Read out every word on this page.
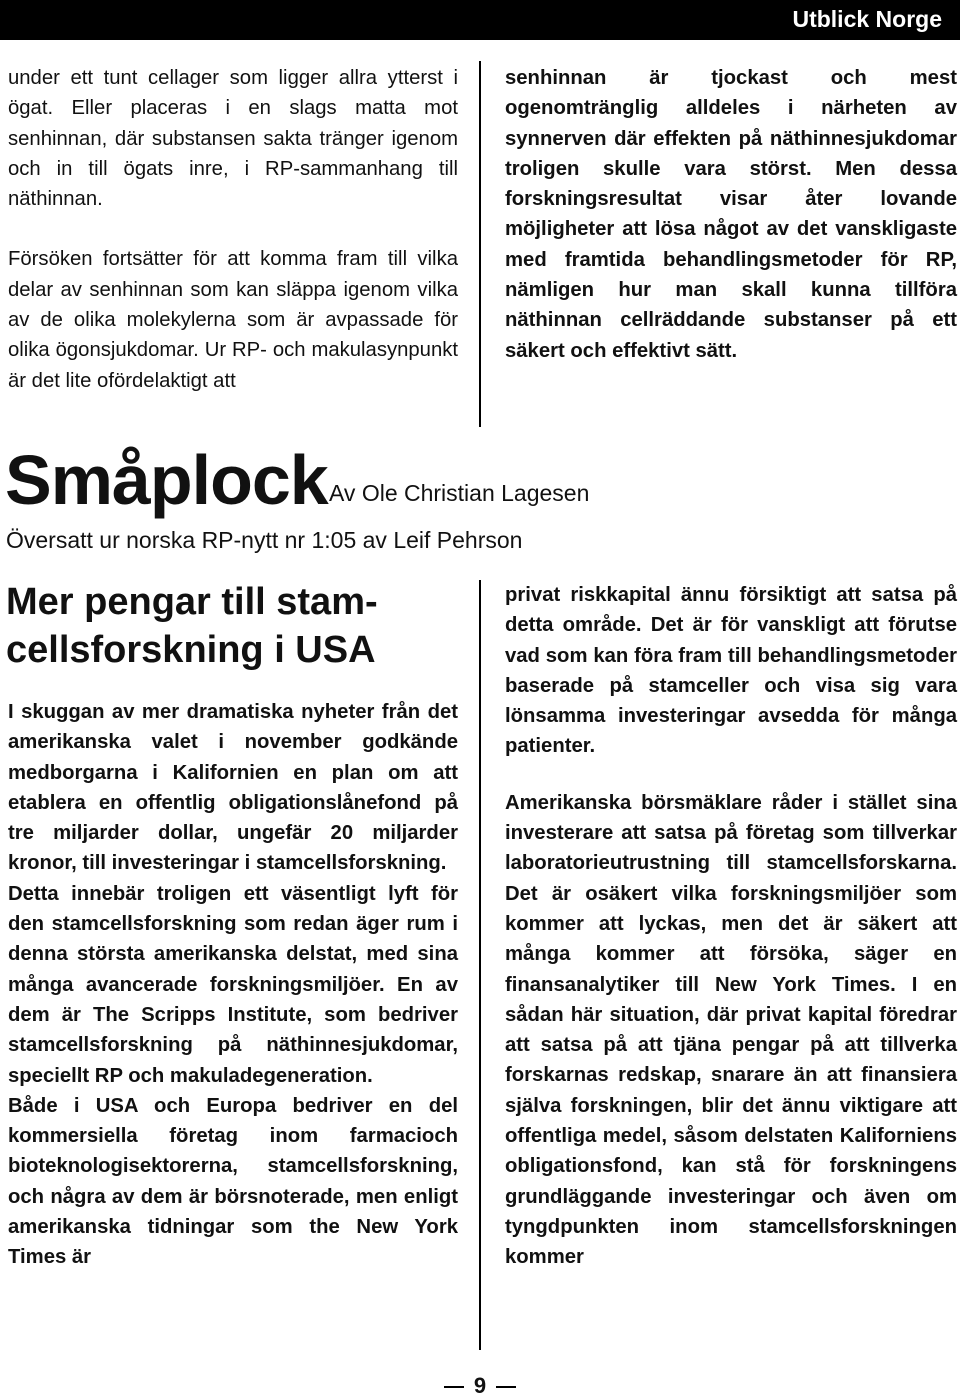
Utblick Norge

under ett tunt cellager som ligger allra ytterst i ögat. Eller placeras i en slags matta mot senhinnan, där substansen sakta tränger igenom och in till ögats inre, i RP-sammanhang till näthinnan.

Försöken fortsätter för att komma fram till vilka delar av senhinnan som kan släppa igenom vilka av de olika molekylerna som är avpassade för olika ögonsjukdomar. Ur RP- och makulasynpunkt är det lite ofördelaktigt att

senhinnan är tjockast och mest ogenomtränglig alldeles i närheten av synnerven där effekten på näthinnesjukdomar troligen skulle vara störst. Men dessa forskningsresultat visar åter lovande möjligheter att lösa något av det vanskligaste med framtida behandlingsmetoder för RP, nämligen hur man skall kunna tillföra näthinnan cellräddande substanser på ett säkert och effektivt sätt.

Småplock Av Ole Christian Lagesen
Översatt ur norska RP-nytt nr 1:05 av Leif Pehrson
Mer pengar till stam-
cellsforskning i USA

I skuggan av mer dramatiska nyheter från det amerikanska valet i november godkände medborgarna i Kalifornien en plan om att etablera en offentlig obligationslånefond på tre miljarder dollar, ungefär 20 miljarder kronor, till investeringar i stamcellsforskning.

Detta innebär troligen ett väsentligt lyft för den stamcellsforskning som redan äger rum i denna största amerikanska delstat, med sina många avancerade forskningsmiljöer. En av dem är The Scripps Institute, som bedriver stamcellsforskning på näthinnesjukdomar, speciellt RP och makuladegeneration.

Både i USA och Europa bedriver en del kommersiella företag inom farmacioch bioteknologisektorerna, stamcellsforskning, och några av dem är börsnoterade, men enligt amerikanska tidningar som the New York Times är

privat riskkapital ännu försiktigt att satsa på detta område. Det är för vanskligt att förutse vad som kan föra fram till behandlingsmetoder baserade på stamceller och visa sig vara lönsamma investeringar avsedda för många patienter.

Amerikanska börsmäklare råder i stället sina investerare att satsa på företag som tillverkar laboratorieutrustning till stamcellsforskarna. Det är osäkert vilka forskningsmiljöer som kommer att lyckas, men det är säkert att många kommer att försöka, säger en finansanalytiker till New York Times. I en sådan här situation, där privat kapital föredrar att satsa på att tjäna pengar på att tillverka forskarnas redskap, snarare än att finansiera själva forskningen, blir det ännu viktigare att offentliga medel, såsom delstaten Kaliforniens obligationsfond, kan stå för forskningens grundläggande investeringar och även om tyngdpunkten inom stamcellsforskningen kommer

9
